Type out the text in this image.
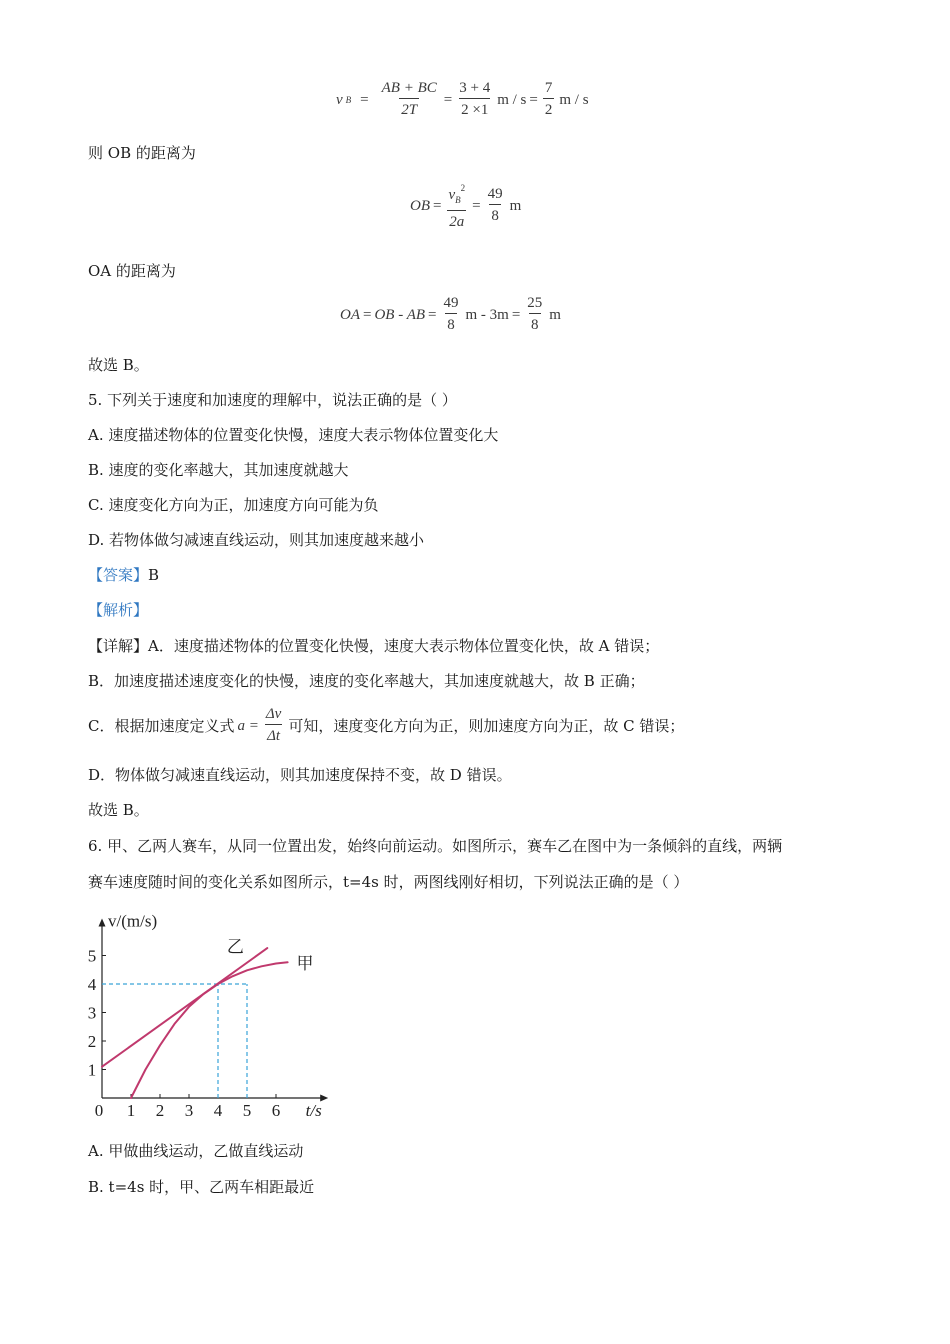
v $B = \frac{AB + BC}{2T} = \frac{3 + 4}{2 \times 1}$ $m / s = \frac{7}{2}$ m / s
则 OB 的距离为
OB = $\frac{v_B^2}{2a} = \frac{49}{8}$ m
OA 的距离为
OA = OB - AB = $\frac{49}{8}$ $m - 3m = \frac{25}{8}$ m
故选 B。
5. 下列关于速度和加速度的理解中，说法正确的是（ ）
A. 速度描述物体的位置变化快慢，速度大表示物体位置变化大
B. 速度的变化率越大，其加速度就越大
C. 速度变化方向为正，加速度方向可能为负
D. 若物体做匀减速直线运动，则其加速度越来越小
【答案】B
【解析】
【详解】A．速度描述物体的位置变化快慢，速度大表示物体位置变化快，故 A 错误；
B．加速度描述速度变化的快慢，速度的变化率越大，其加速度就越大，故 B 正确；
C．根据加速度定义式 $a = \frac{\Delta v}{\Delta t}$ 可知，速度变化方向为正，则加速度方向为正，故 C 错误；
D．物体做匀减速直线运动，则其加速度保持不变，故 D 错误。
故选 B。
6. 甲、乙两人赛车，从同一位置出发，始终向前运动。如图所示，赛车乙在图中为一条倾斜的直线，两辆
赛车速度随时间的变化关系如图所示，t=4s 时，两图线刚好相切，下列说法正确的是（ ）
0 1 2 3 4 5 6
1
2
3
4
5
v/(m/s)
t/s
乙
甲
A. 甲做曲线运动，乙做直线运动
B. t=4s 时，甲、乙两车相距最近
